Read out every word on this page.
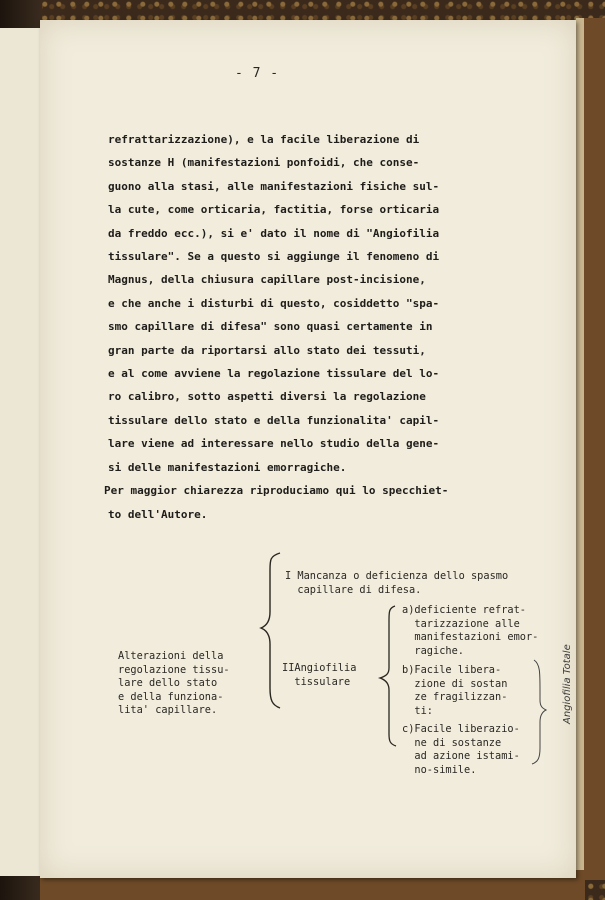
- 7 -

refrattarizzazione), e la facile liberazione di

sostanze H (manifestazioni ponfoidi, che conse-

guono alla stasi, alle manifestazioni fisiche sul-

la cute, come orticaria, factitia, forse orticaria

da freddo ecc.), si e' dato il nome di "Angiofilia

tissulare". Se a questo si aggiunge il fenomeno di

Magnus, della chiusura capillare post-incisione,

e che anche i disturbi di questo, cosiddetto "spa-

smo capillare di difesa" sono quasi certamente in

gran parte da riportarsi allo stato dei tessuti,

e al come avviene la regolazione tissulare del lo-

ro calibro, sotto aspetti diversi la regolazione

tissulare dello stato e della funzionalita' capil-

lare viene ad interessare nello studio della gene-

si delle manifestazioni emorragiche.

Per maggior chiarezza riproduciamo qui lo specchiet-

to dell'Autore.

Alterazioni della
regolazione tissu-
lare dello stato
e della funziona-
lita' capillare.
I Mancanza o deficienza dello spasmo
capillare di difesa.
IIAngiofilia
tissulare
a)deficiente refrat-
tarizzazione alle
manifestazioni emor-
ragiche.
b)Facile libera-
zione di sostan
ze fragilizzan-
ti:
c)Facile liberazio-
ne di sostanze
ad azione istami-
no-simile.
Angiofilia Totale
